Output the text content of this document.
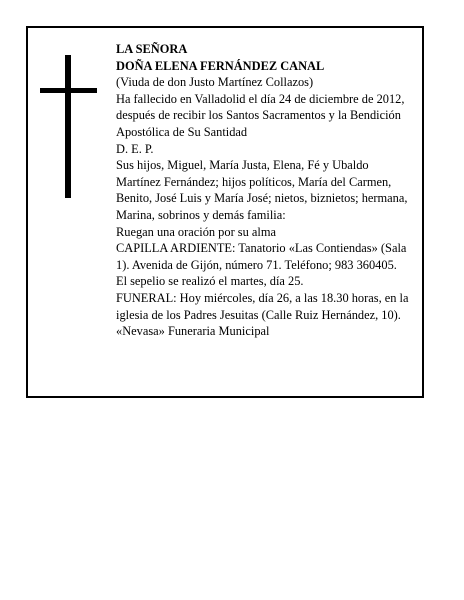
LA SEÑORA

DOÑA ELENA FERNÁNDEZ CANAL

(Viuda de don Justo Martínez Collazos)

Ha fallecido en Valladolid el día 24 de diciembre de 2012, después de recibir los Santos Sacramentos y la Bendición Apostólica de Su Santidad

D. E. P.

Sus hijos, Miguel, María Justa, Elena, Fé y Ubaldo Martínez Fernández; hijos políticos, María del Carmen, Benito, José Luis y María José; nietos, biznietos; hermana, Marina, sobrinos y demás familia:

Ruegan una oración por su alma

CAPILLA ARDIENTE: Tanatorio «Las Contiendas» (Sala 1). Avenida de Gijón, número 71. Teléfono; 983 360405.

El sepelio se realizó el martes, día 25.

FUNERAL: Hoy miércoles, día 26, a las 18.30 horas, en la iglesia de los Padres Jesuitas (Calle Ruiz Hernández, 10).

«Nevasa» Funeraria Municipal
